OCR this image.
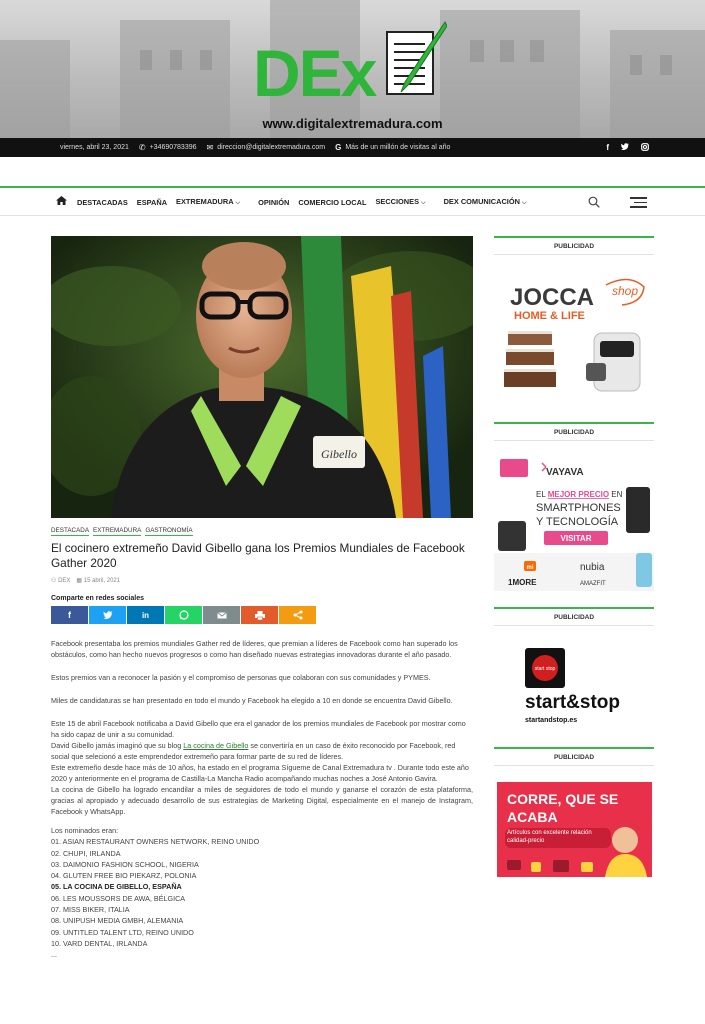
DEx
www.digitalextremadura.com
viernes, abril 23, 2021 ✆ +34690783396 ✉ direccion@digitalextremadura.com G Más de un millón de visitas al año	f
DESTACADAS ESPAÑA EXTREMADURA ⌵	OPINIÓN COMERCIO LOCAL SECCIONES ⌵	DEX COMUNICACIÓN ⌵
Gibello
DESTACADA EXTREMADURA GASTRONOMÍA
El cocinero extremeño David Gibello gana los Premios Mundiales de Facebook Gather 2020
⚇ DEX ▦ 15 abril, 2021
Comparte en redes sociales
f	in

Facebook presentaba los premios mundiales Gather red de líderes, que premian a líderes de Facebook como han superado los obstáculos, como han hecho nuevos progresos o como han diseñado nuevas estrategias innovadoras durante el año pasado.

Estos premios van a reconocer la pasión y el compromiso de personas que colaboran con sus comunidades y PYMES.

Miles de candidaturas se han presentado en todo el mundo y Facebook ha elegido a 10 en donde se encuentra David Gibello.

Este 15 de abril Facebook notificaba a David Gibello que era el ganador de los premios mundiales de Facebook por mostrar como ha sido capaz de unir a su comunidad.

David Gibello jamás imaginó que su blog La cocina de Gibello se convertiría en un caso de éxito reconocido por Facebook, red social que selecionó a este emprendedor extremeño para formar parte de su red de líderes.

Este extremeño desde hace más de 10 años, ha estado en el programa Sígueme de Canal Extremadura tv . Durante todo este año 2020 y anteriormente en el programa de Castilla-La Mancha Radio acompañando muchas noches a José Antonio Gavira.

La cocina de Gibello ha logrado encandilar a miles de seguidores de todo el mundo y ganarse el corazón de esta plataforma, gracias al apropiado y adecuado desarrollo de sus estrategias de Marketing Digital, especialmente en el manejo de Instagram, Facebook y WhatsApp.

Los nominados eran:
01. ASIAN RESTAURANT OWNERS NETWORK, REINO UNIDO
02. CHUPI, IRLANDA
03. DAIMONIO FASHION SCHOOL, NIGERIA
04. GLUTEN FREE BIO PIEKARZ, POLONIA
05. LA COCINA DE GIBELLO, ESPAÑA
06. LES MOUSSORS DE AWA, BÉLGICA
07. MISS BIKER, ITALIA
08. UNIPUSH MEDIA GMBH, ALEMANIA
09. UNTITLED TALENT LTD, REINO UNIDO
10. VARD DENTAL, IRLANDA
...
PUBLICIDAD
JOCCA shop
HOME & LIFE
PUBLICIDAD
VAYAVA
EL MEJOR PRECIO EN
SMARTPHONES
Y TECNOLOGÍA
VISITAR
mi	nubia
1MORE	AMAZFIT
PUBLICIDAD
start stop
start&stop
startandstop.es
PUBLICIDAD
CORRE, QUE SE
ACABA
Artículos con excelente relación calidad-precio
